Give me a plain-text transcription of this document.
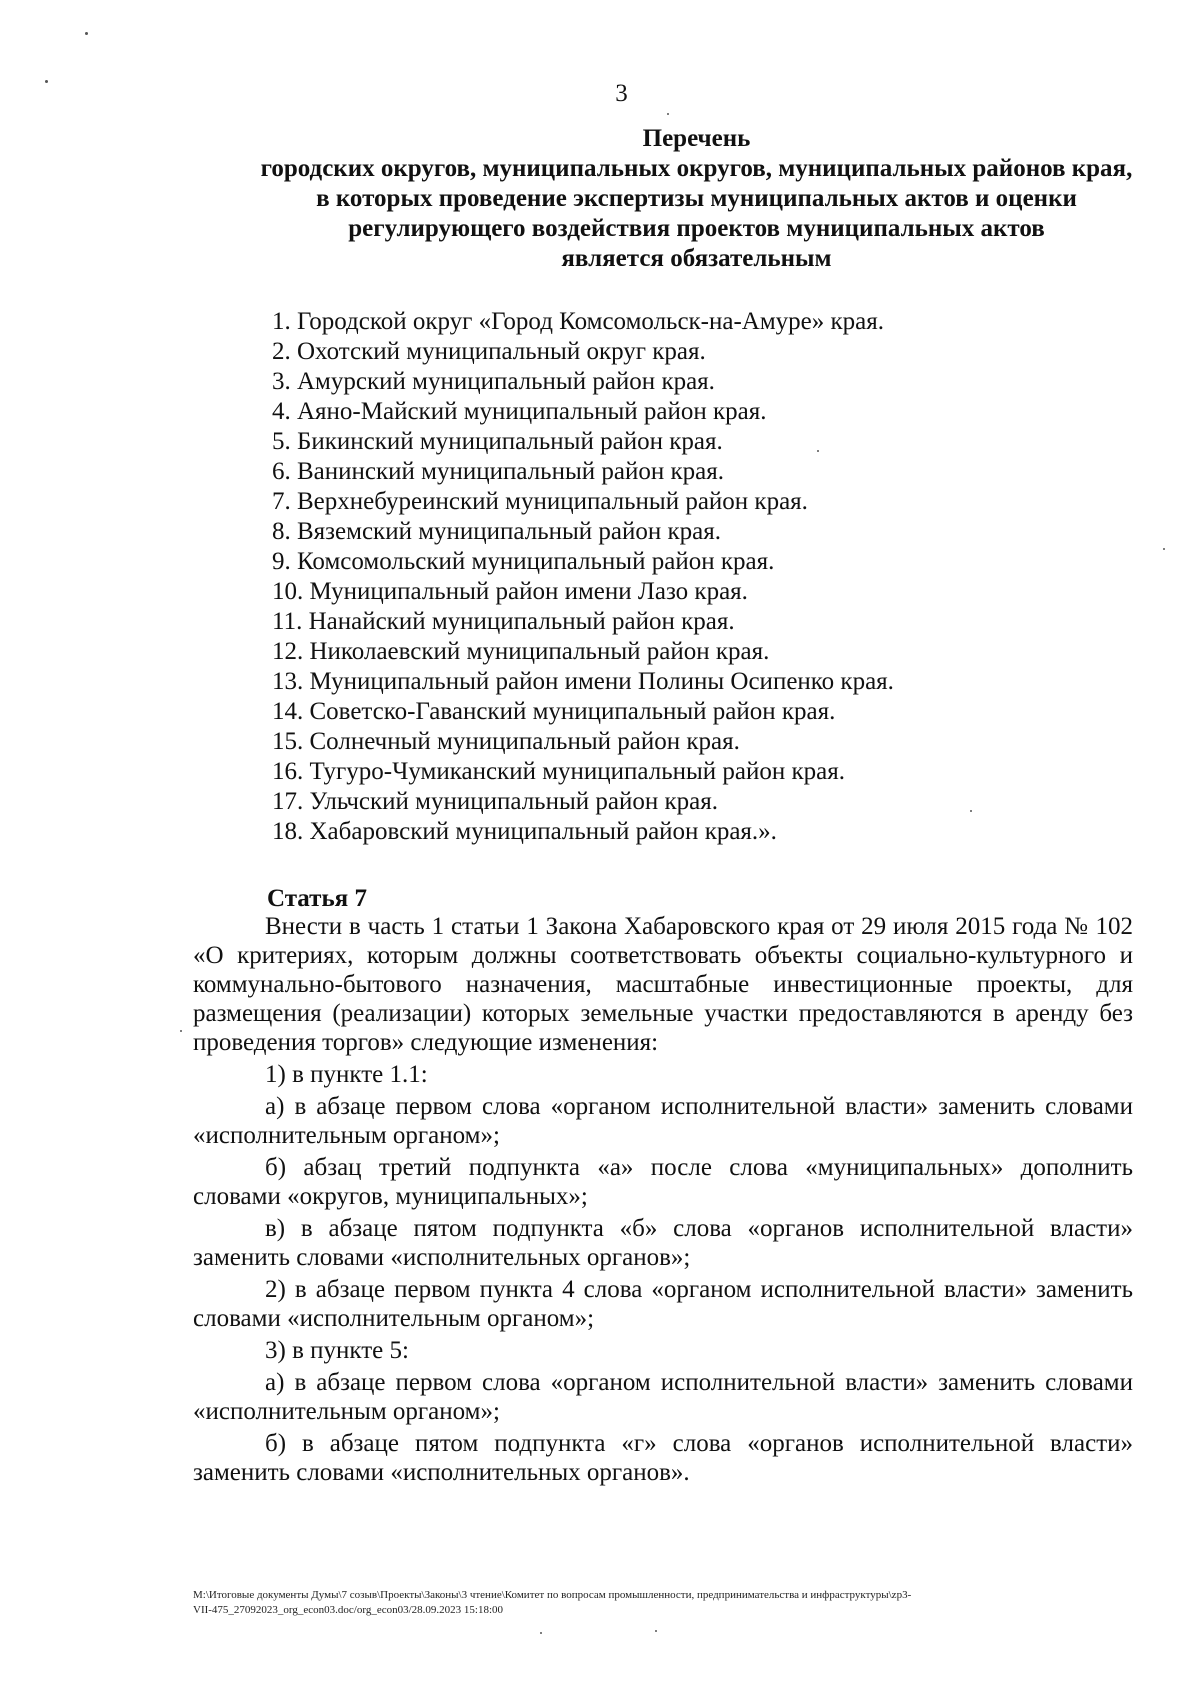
3
Перечень
городских округов, муниципальных округов, муниципальных районов края,
в которых проведение экспертизы муниципальных актов и оценки
регулирующего воздействия проектов муниципальных актов
является обязательным
1. Городской округ «Город Комсомольск-на-Амуре» края.
2. Охотский муниципальный округ края.
3. Амурский муниципальный район края.
4. Аяно-Майский муниципальный район края.
5. Бикинский муниципальный район края.
6. Ванинский муниципальный район края.
7. Верхнебуреинский муниципальный район края.
8. Вяземский муниципальный район края.
9. Комсомольский муниципальный район края.
10. Муниципальный район имени Лазо края.
11. Нанайский муниципальный район края.
12. Николаевский муниципальный район края.
13. Муниципальный район имени Полины Осипенко края.
14. Советско-Гаванский муниципальный район края.
15. Солнечный муниципальный район края.
16. Тугуро-Чумиканский муниципальный район края.
17. Ульчский муниципальный район края.
18. Хабаровский муниципальный район края.».
Статья 7

Внести в часть 1 статьи 1 Закона Хабаровского края от 29 июля 2015 года № 102 «О критериях, которым должны соответствовать объекты социально-культурного и коммунально-бытового назначения, масштабные инвестиционные проекты, для размещения (реализации) которых земельные участки предоставляются в аренду без проведения торгов» следующие изменения:

1) в пункте 1.1:

а) в абзаце первом слова «органом исполнительной власти» заменить словами «исполнительным органом»;

б) абзац третий подпункта «а» после слова «муниципальных» дополнить словами «округов, муниципальных»;

в) в абзаце пятом подпункта «б» слова «органов исполнительной власти» заменить словами «исполнительных органов»;

2) в абзаце первом пункта 4 слова «органом исполнительной власти» заменить словами «исполнительным органом»;

3) в пункте 5:

а) в абзаце первом слова «органом исполнительной власти» заменить словами «исполнительным органом»;

б) в абзаце пятом подпункта «г» слова «органов исполнительной власти» заменить словами «исполнительных органов».

М:\Итоговые документы Думы\7 созыв\Проекты\Законы\3 чтение\Комитет по вопросам промышленности, предпринимательства и инфраструктуры\zp3-
VII-475_27092023_org_econ03.doc/org_econ03/28.09.2023 15:18:00
